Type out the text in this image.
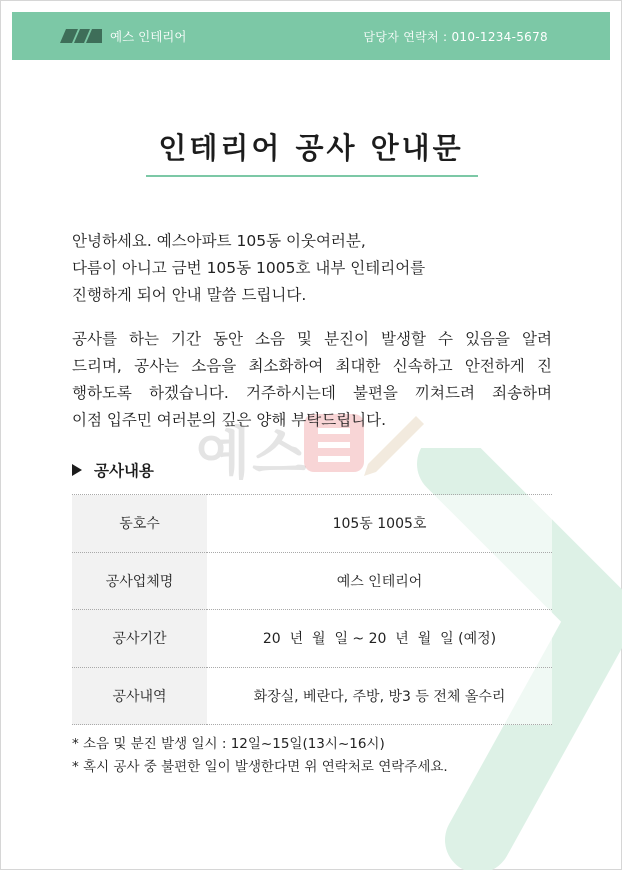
예스
예스 인테리어	담당자 연락처 : 010-1234-5678
인테리어 공사 안내문

안녕하세요. 예스아파트 105동 이웃여러분,

다름이 아니고 금번 105동 1005호 내부 인테리어를

진행하게 되어 안내 말씀 드립니다.

공사를 하는 기간 동안 소음 및 분진이 발생할 수 있음을 알려

드리며, 공사는 소음을 최소화하여 최대한 신속하고 안전하게 진

행하도록 하겠습니다. 거주하시는데 불편을 끼쳐드려 죄송하며

이점 입주민 여러분의 깊은 양해 부탁드립니다.

공사내용
동호수	105동 1005호
공사업체명	예스 인테리어
공사기간	20  년  월  일 ~ 20  년  월  일 (예정)
공사내역	화장실, 베란다, 주방, 방3 등 전체 올수리

* 소음 및 분진 발생 일시 : 12일~15일(13시~16시)

* 혹시 공사 중 불편한 일이 발생한다면 위 연락처로 연락주세요.
